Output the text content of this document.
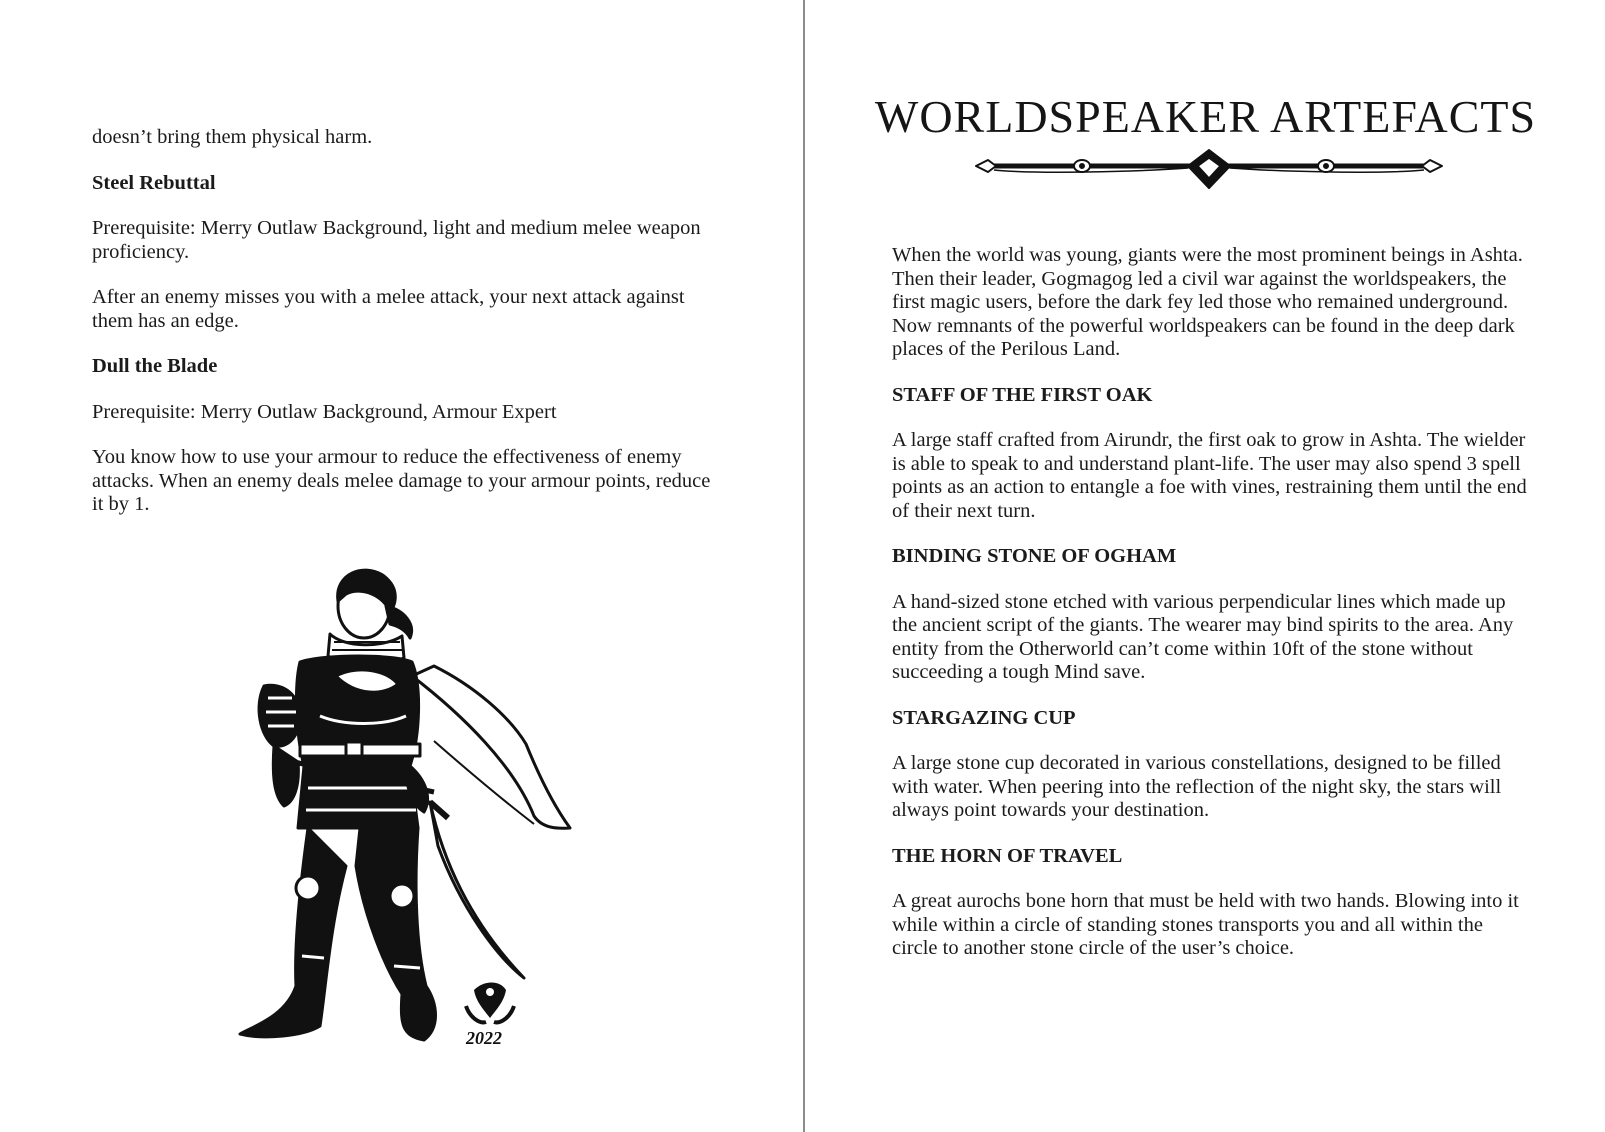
doesn’t bring them physical harm.

Steel Rebuttal

Prerequisite: Merry Outlaw Background, light and medium melee weapon proficiency.

After an enemy misses you with a melee attack, your next attack against them has an edge.

Dull the Blade

Prerequisite: Merry Outlaw Background, Armour Expert

You know how to use your armour to reduce the effectiveness of enemy attacks. When an enemy deals melee damage to your armour points, reduce it by 1.

2022
WORLDSPEAKER ARTEFACTS

When the world was young, giants were the most prominent beings in Ashta. Then their leader, Gogmagog led a civil war against the worldspeakers, the first magic users, before the dark fey led those who remained underground. Now remnants of the powerful worldspeakers can be found in the deep dark places of the Perilous Land.

STAFF OF THE FIRST OAK

A large staff crafted from Airundr, the first oak to grow in Ashta. The wielder is able to speak to and understand plant-life. The user may also spend 3 spell points as an action to entangle a foe with vines, restraining them until the end of their next turn.

BINDING STONE OF OGHAM

A hand-sized stone etched with various perpendicular lines which made up the ancient script of the giants. The wearer may bind spirits to the area. Any entity from the Otherworld can’t come within 10ft of the stone without succeeding a tough Mind save.

STARGAZING CUP

A large stone cup decorated in various constellations, designed to be filled with water. When peering into the reflection of the night sky, the stars will always point towards your destination.

THE HORN OF TRAVEL

A great aurochs bone horn that must be held with two hands. Blowing into it while within a circle of standing stones transports you and all within the circle to another stone circle of the user’s choice.
